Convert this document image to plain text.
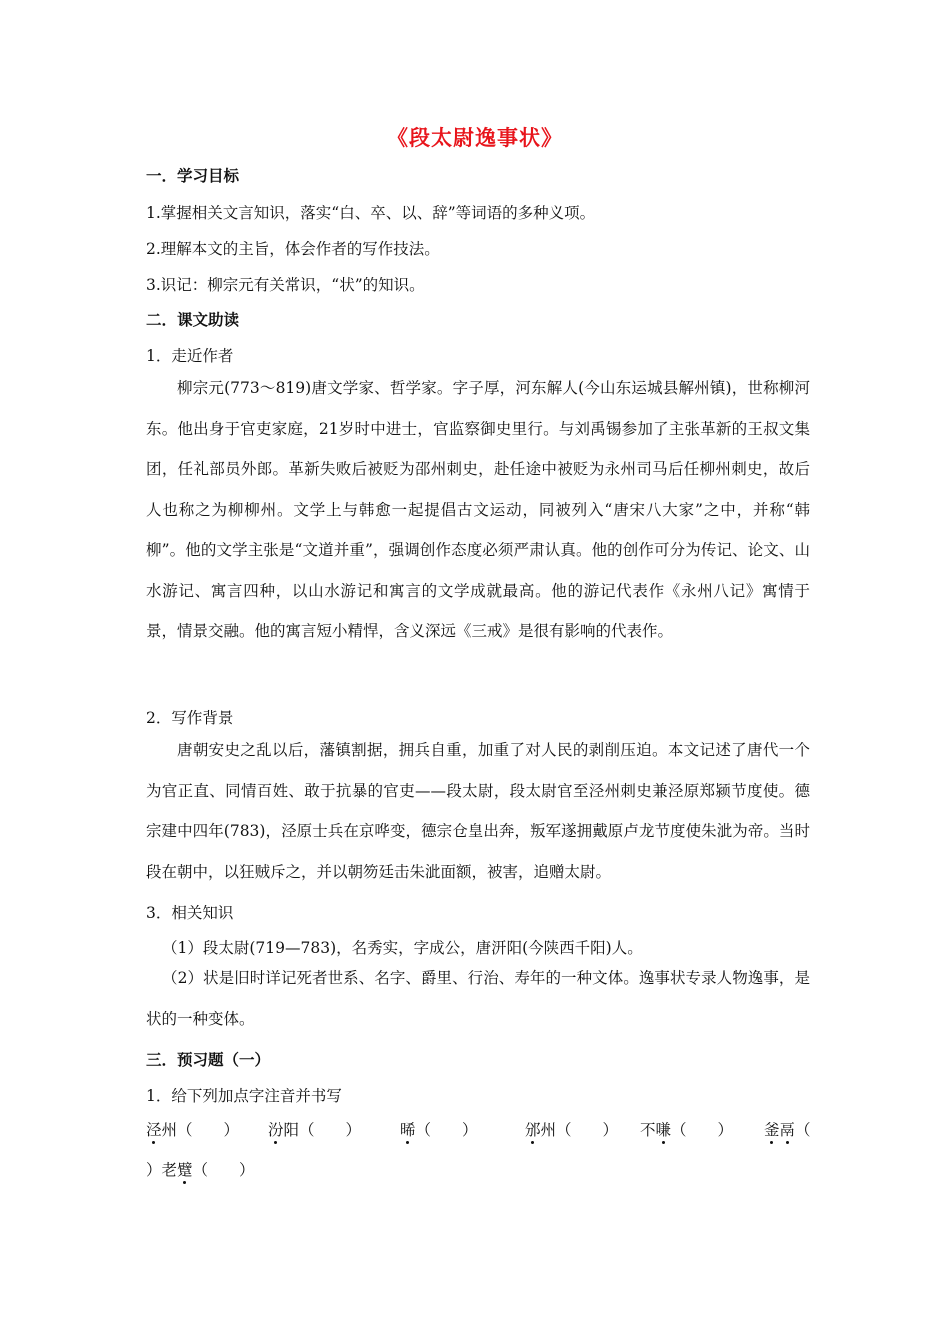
《段太尉逸事状》
一．学习目标
1.掌握相关文言知识，落实“白、卒、以、辞”等词语的多种义项。
2.理解本文的主旨，体会作者的写作技法。
3.识记：柳宗元有关常识，“状”的知识。
二．课文助读
1．走近作者
柳宗元(773～819)唐文学家、哲学家。字子厚，河东解人(今山东运城县解州镇)，世称柳河东。他出身于官吏家庭，21岁时中进士，官监察御史里行。与刘禹锡参加了主张革新的王叔文集团，任礼部员外郎。革新失败后被贬为邵州刺史，赴任途中被贬为永州司马后任柳州刺史，故后人也称之为柳柳州。文学上与韩愈一起提倡古文运动，同被列入“唐宋八大家”之中，并称“韩柳”。他的文学主张是“文道并重”，强调创作态度必须严肃认真。他的创作可分为传记、论文、山水游记、寓言四种，以山水游记和寓言的文学成就最高。他的游记代表作《永州八记》寓情于景，情景交融。他的寓言短小精悍，含义深远《三戒》是很有影响的代表作。
2．写作背景
唐朝安史之乱以后，藩镇割据，拥兵自重，加重了对人民的剥削压迫。本文记述了唐代一个为官正直、同情百姓、敢于抗暴的官吏——段太尉，段太尉官至泾州刺史兼泾原郑颍节度使。德宗建中四年(783)，泾原士兵在京哗变，德宗仓皇出奔，叛军遂拥戴原卢龙节度使朱泚为帝。当时段在朝中，以狂贼斥之，并以朝笏廷击朱泚面额，被害，追赠太尉。
3．相关知识
（1）段太尉(719—783)，名秀实，字成公，唐汧阳(今陕西千阳)人。
（2）状是旧时详记死者世系、名字、爵里、行治、寿年的一种文体。逸事状专录人物逸事，是状的一种变体。
三．预习题（一）
1．给下列加点字注音并书写
泾州（　　） 汾阳（　　）	晞（　　）	邠州（　　） 不嗛（　　） 釜鬲（
）老躄（　　）
